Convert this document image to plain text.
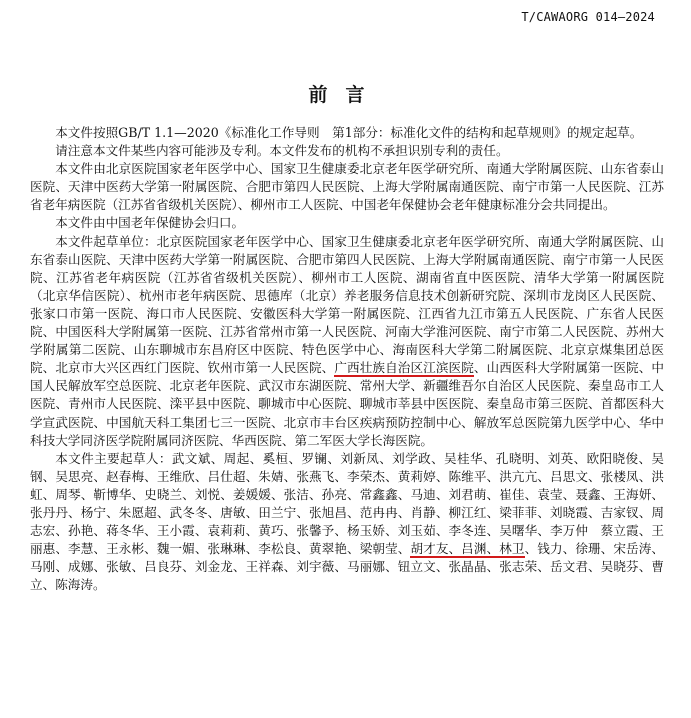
T/CAWAORG 014—2024
前言

本文件按照GB/T 1.1—2020《标准化工作导则　第1部分：标准化文件的结构和起草规则》的规定起草。

请注意本文件某些内容可能涉及专利。本文件发布的机构不承担识别专利的责任。

本文件由北京医院国家老年医学中心、国家卫生健康委北京老年医学研究所、南通大学附属医院、山东省泰山医院、天津中医药大学第一附属医院、合肥市第四人民医院、上海大学附属南通医院、南宁市第一人民医院、江苏省老年病医院（江苏省省级机关医院）、柳州市工人医院、中国老年保健协会老年健康标准分会共同提出。

本文件由中国老年保健协会归口。

本文件起草单位：北京医院国家老年医学中心、国家卫生健康委北京老年医学研究所、南通大学附属医院、山东省泰山医院、天津中医药大学第一附属医院、合肥市第四人民医院、上海大学附属南通医院、南宁市第一人民医院、江苏省老年病医院（江苏省省级机关医院）、柳州市工人医院、湖南省直中医医院、清华大学第一附属医院（北京华信医院）、杭州市老年病医院、思德库（北京）养老服务信息技术创新研究院、深圳市龙岗区人民医院、张家口市第一医院、海口市人民医院、安徽医科大学第一附属医院、江西省九江市第五人民医院、广东省人民医院、中国医科大学附属第一医院、江苏省常州市第一人民医院、河南大学淮河医院、南宁市第二人民医院、苏州大学附属第二医院、山东聊城市东昌府区中医院、特色医学中心、海南医科大学第二附属医院、北京京煤集团总医院、北京市大兴区西红门医院、钦州市第一人民医院、广西壮族自治区江滨医院、山西医科大学附属第一医院、中国人民解放军空总医院、北京老年医院、武汉市东湖医院、常州大学、新疆维吾尔自治区人民医院、秦皇岛市工人医院、青州市人民医院、滦平县中医院、聊城市中心医院、聊城市莘县中医医院、秦皇岛市第三医院、首都医科大学宣武医院、中国航天科工集团七三一医院、北京市丰台区疾病预防控制中心、解放军总医院第九医学中心、华中科技大学同济医学院附属同济医院、华西医院、第二军医大学长海医院。

本文件主要起草人：武文斌、周起、奚桓、罗镧、刘新凤、刘学政、吴桂华、孔晓明、刘英、欧阳晓俊、吴钢、吴思亮、赵春梅、王维欣、吕仕超、朱婧、张燕飞、李荣杰、黄莉婷、陈维平、洪亢亢、吕思文、张楼凤、洪虹、周琴、靳博华、史晓兰、刘悦、姜媛媛、张洁、孙亮、常鑫鑫、马迪、刘君萌、崔佳、袁莹、聂鑫、王海妍、张丹丹、杨宁、朱愿超、武冬冬、唐敏、田兰宁、张旭昌、范冉冉、肖静、柳江红、梁菲菲、刘晓霞、吉家钗、周志宏、孙艳、蒋冬华、王小霞、袁莉莉、黄巧、张馨予、杨玉娇、刘玉茹、李冬连、吴曙华、李万仲　蔡立霞、王丽惠、李慧、王永彬、魏一媚、张琳琳、李松良、黄翠艳、梁朝莹、胡才友、吕渊、林卫、钱力、徐珊、宋岳涛、马刚、成娜、张敏、吕良芬、刘金龙、王祥森、刘宇薇、马丽娜、钮立文、张晶晶、张志荣、岳文君、吴晓芬、曹立、陈海涛。
